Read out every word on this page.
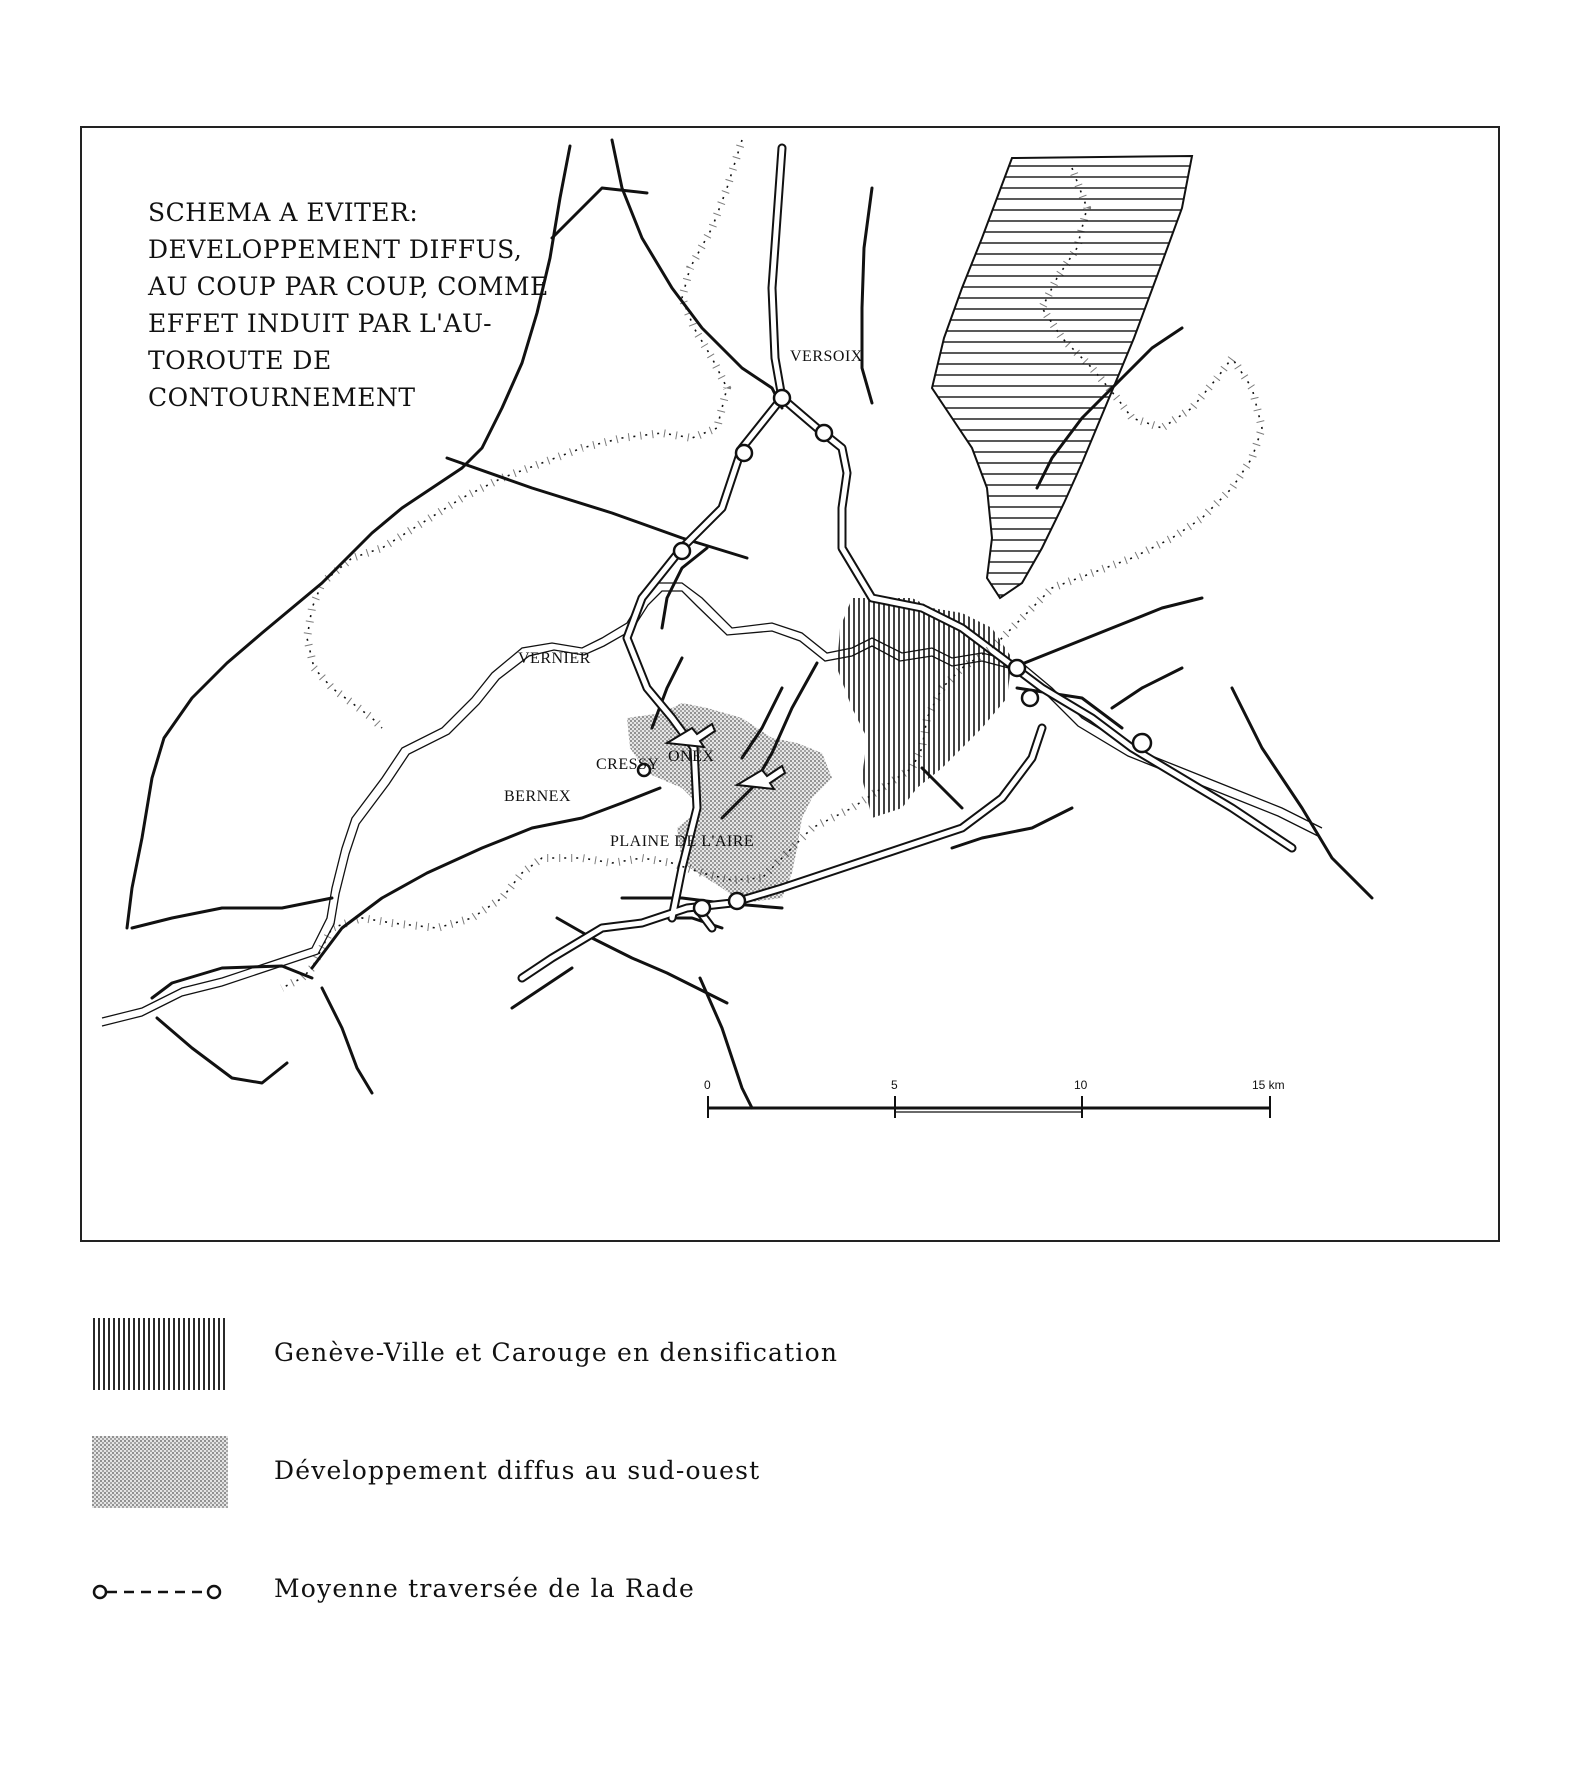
SCHEMA A EVITER:
DEVELOPPEMENT DIFFUS,
AU COUP PAR COUP, COMME
EFFET INDUIT PAR L'AU-
TOROUTE DE CONTOURNEMENT
VERSOIX
VERNIER
CRESSY ONEX
BERNEX
PLAINE DE L'AIRE
0	5	10	15 km
Genève-Ville et Carouge en densification
Développement diffus au sud-ouest
Moyenne traversée de la Rade
